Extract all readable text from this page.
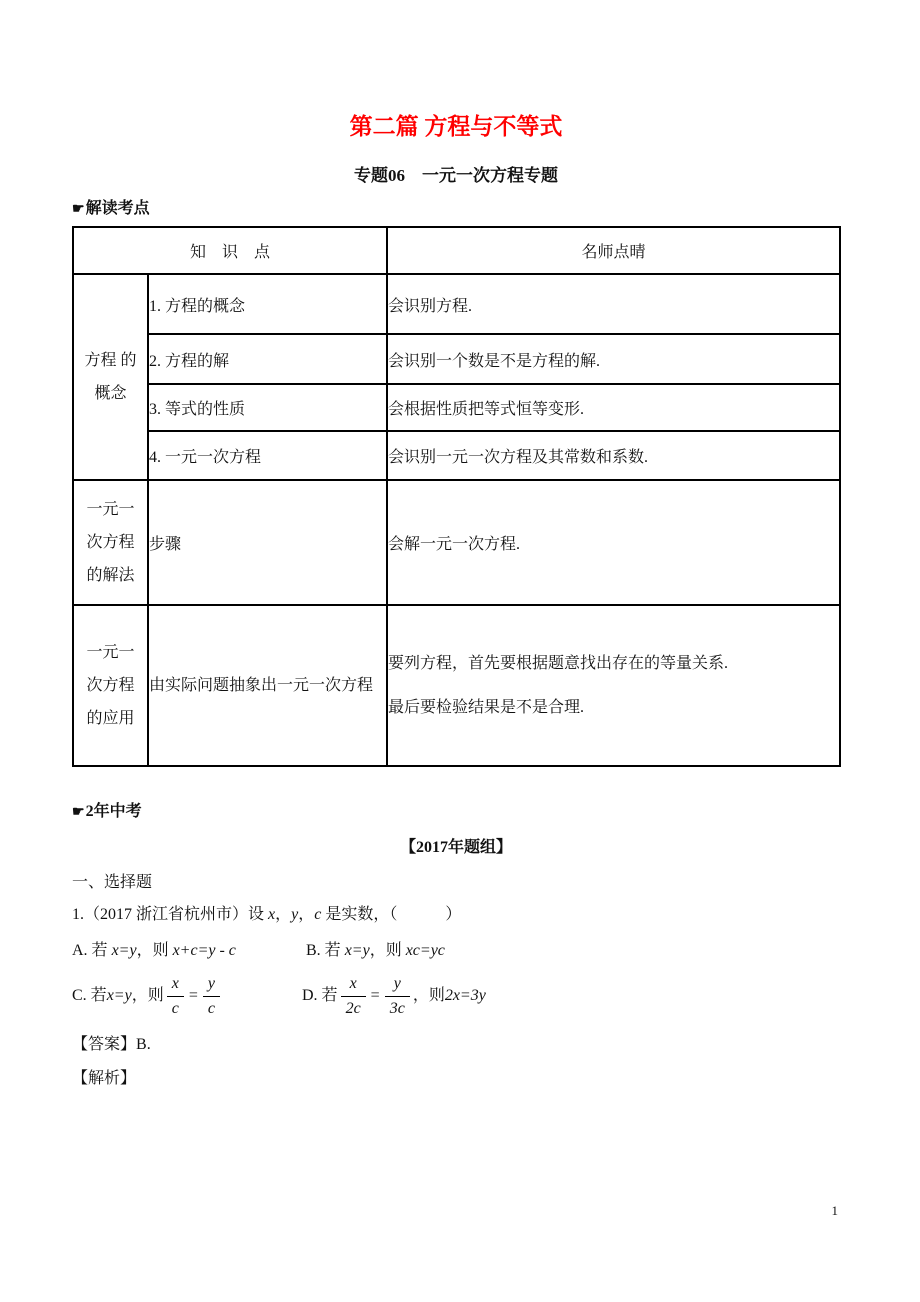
第二篇 方程与不等式
专题06　一元一次方程专题
☛解读考点
知　识　点		名师点晴

方程 的
概念	1. 方程的概念	会识别方程.
	2. 方程的解	会识别一个数是不是方程的解.
	3. 等式的性质	会根据性质把等式恒等变形.
	4. 一元一次方程	会识别一元一次方程及其常数和系数.

一元一
次方程
的解法	步骤	会解一元一次方程.

一元一
次方程
的应用	由实际问题抽象出一元一次方程	要列方程，首先要根据题意找出存在的等量关系.
最后要检验结果是不是合理.
☛2年中考
【2017年题组】
一、选择题
1.（2017 浙江省杭州市）设 x，y，c 是实数，（　　　）
A. 若 x=y，则 x+c=y - c	B. 若 x=y，则 xc=yc
C. 若 x=y ，则 $\frac{x}{c} = \frac{y}{c}$	D. 若 $\frac{x}{2c} = \frac{y}{3c}$ ，则 2x=3y
【答案】B.
【解析】
1
